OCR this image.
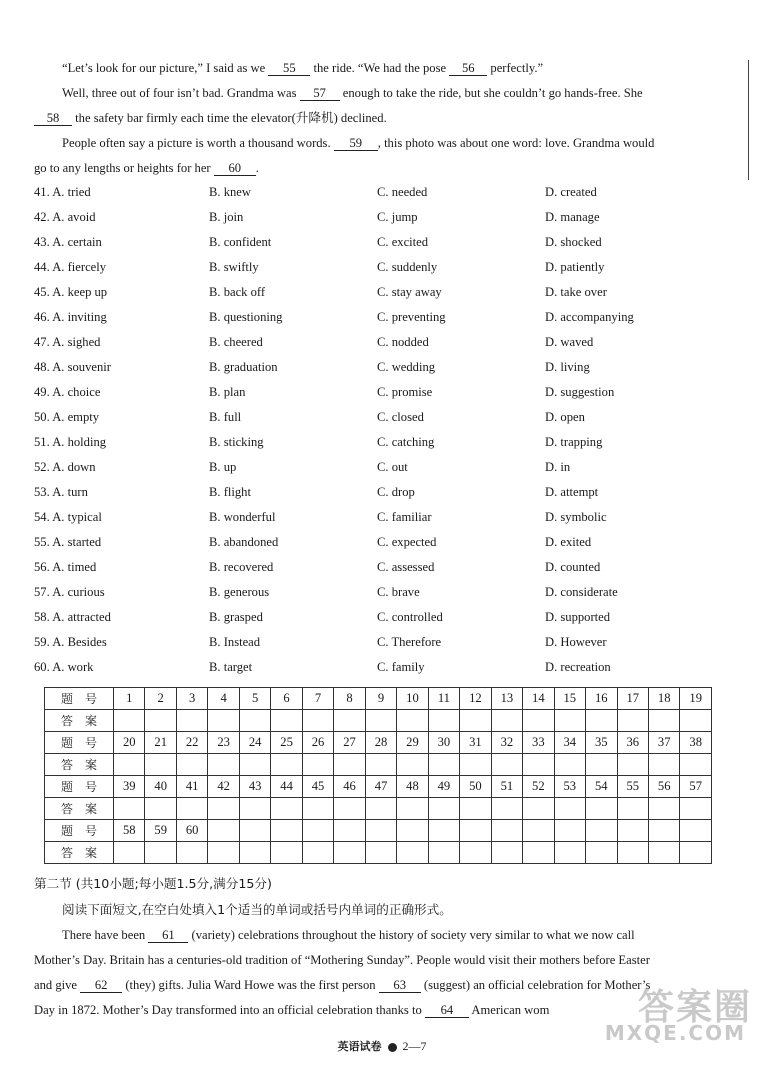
“Let’s look for our picture,” I said as we 55 the ride. “We had the pose 56 perfectly.”
Well, three out of four isn’t bad. Grandma was 57 enough to take the ride, but she couldn’t go hands-free. She
58 the safety bar firmly each time the elevator(升降机) declined.
People often say a picture is worth a thousand words. 59 , this photo was about one word: love. Grandma would
go to any lengths or heights for her 60 .
41. A. tried	B. knew	C. needed	D. created
42. A. avoid	B. join	C. jump	D. manage
43. A. certain	B. confident	C. excited	D. shocked
44. A. fiercely	B. swiftly	C. suddenly	D. patiently
45. A. keep up	B. back off	C. stay away	D. take over
46. A. inviting	B. questioning	C. preventing	D. accompanying
47. A. sighed	B. cheered	C. nodded	D. waved
48. A. souvenir	B. graduation	C. wedding	D. living
49. A. choice	B. plan	C. promise	D. suggestion
50. A. empty	B. full	C. closed	D. open
51. A. holding	B. sticking	C. catching	D. trapping
52. A. down	B. up	C. out	D. in
53. A. turn	B. flight	C. drop	D. attempt
54. A. typical	B. wonderful	C. familiar	D. symbolic
55. A. started	B. abandoned	C. expected	D. exited
56. A. timed	B. recovered	C. assessed	D. counted
57. A. curious	B. generous	C. brave	D. considerate
58. A. attracted	B. grasped	C. controlled	D. supported
59. A. Besides	B. Instead	C. Therefore	D. However
60. A. work	B. target	C. family	D. recreation
题号	1	2	3	4	5	6	7	8	9	10	11	12	13	14	15	16	17	18	19
答案																			
题号	20	21	22	23	24	25	26	27	28	29	30	31	32	33	34	35	36	37	38
答案																			
题号	39	40	41	42	43	44	45	46	47	48	49	50	51	52	53	54	55	56	57
答案																			
题号	58	59	60																
答案																			
第二节 (共10小题;每小题1.5分,满分15分)
阅读下面短文,在空白处填入1个适当的单词或括号内单词的正确形式。
There have been 61 (variety) celebrations throughout the history of society very similar to what we now call
Mother’s Day. Britain has a centuries-old tradition of “Mothering Sunday”. People would visit their mothers before Easter
and give 62 (they) gifts. Julia Ward Howe was the first person 63 (suggest) an official celebration for Mother’s
Day in 1872. Mother’s Day transformed into an official celebration thanks to 64 American wom
英语试卷 2—7
答案圈
MXQE.COM
